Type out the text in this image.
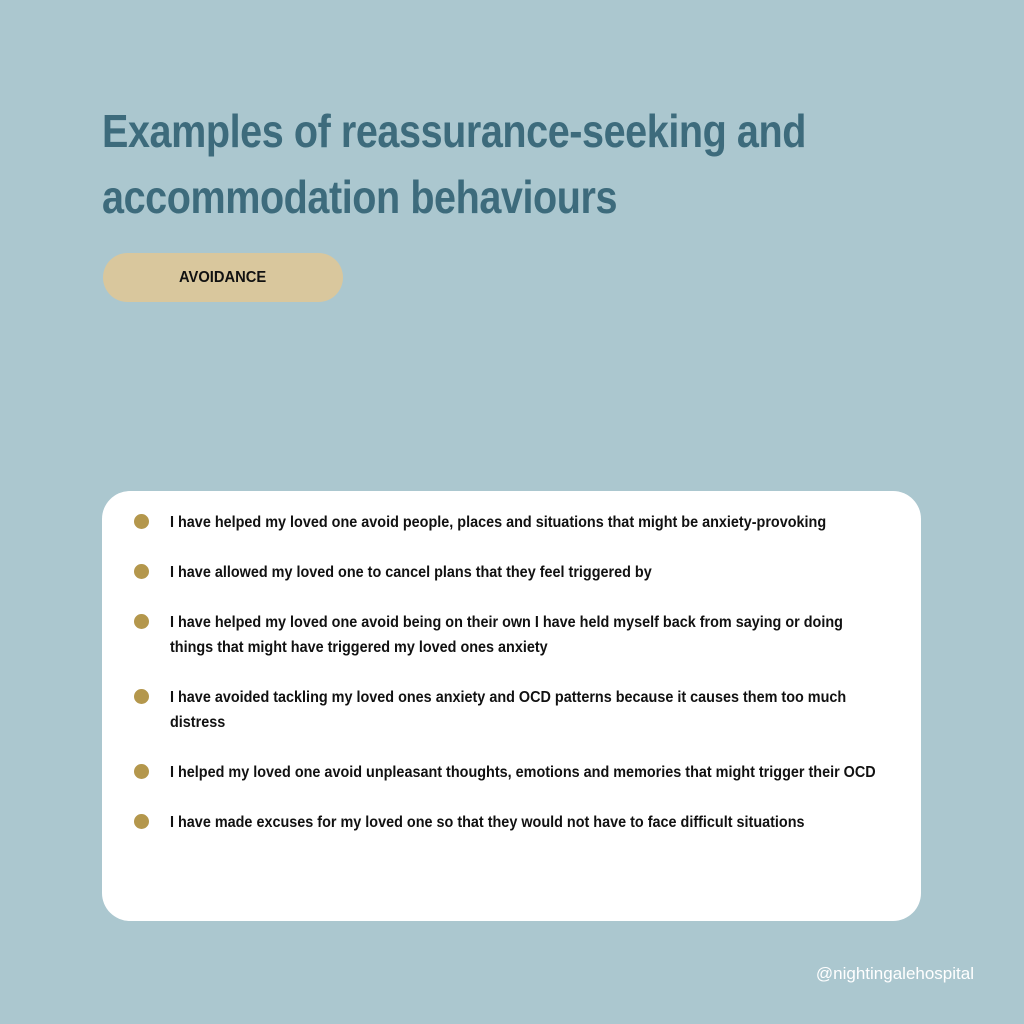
Examples of reassurance-seeking and
accommodation behaviours
AVOIDANCE
I have helped my loved one avoid people, places and situations that might be anxiety-provoking
I have allowed my loved one to cancel plans that they feel triggered by
I have helped my loved one avoid being on their own I have held myself back from saying or doing things that might have triggered my loved ones anxiety
I have avoided tackling my loved ones anxiety and OCD patterns because it causes them too much distress
I helped my loved one avoid unpleasant thoughts, emotions and memories that might trigger their OCD
I have made excuses for my loved one so that they would not have to face difficult situations
@nightingalehospital
